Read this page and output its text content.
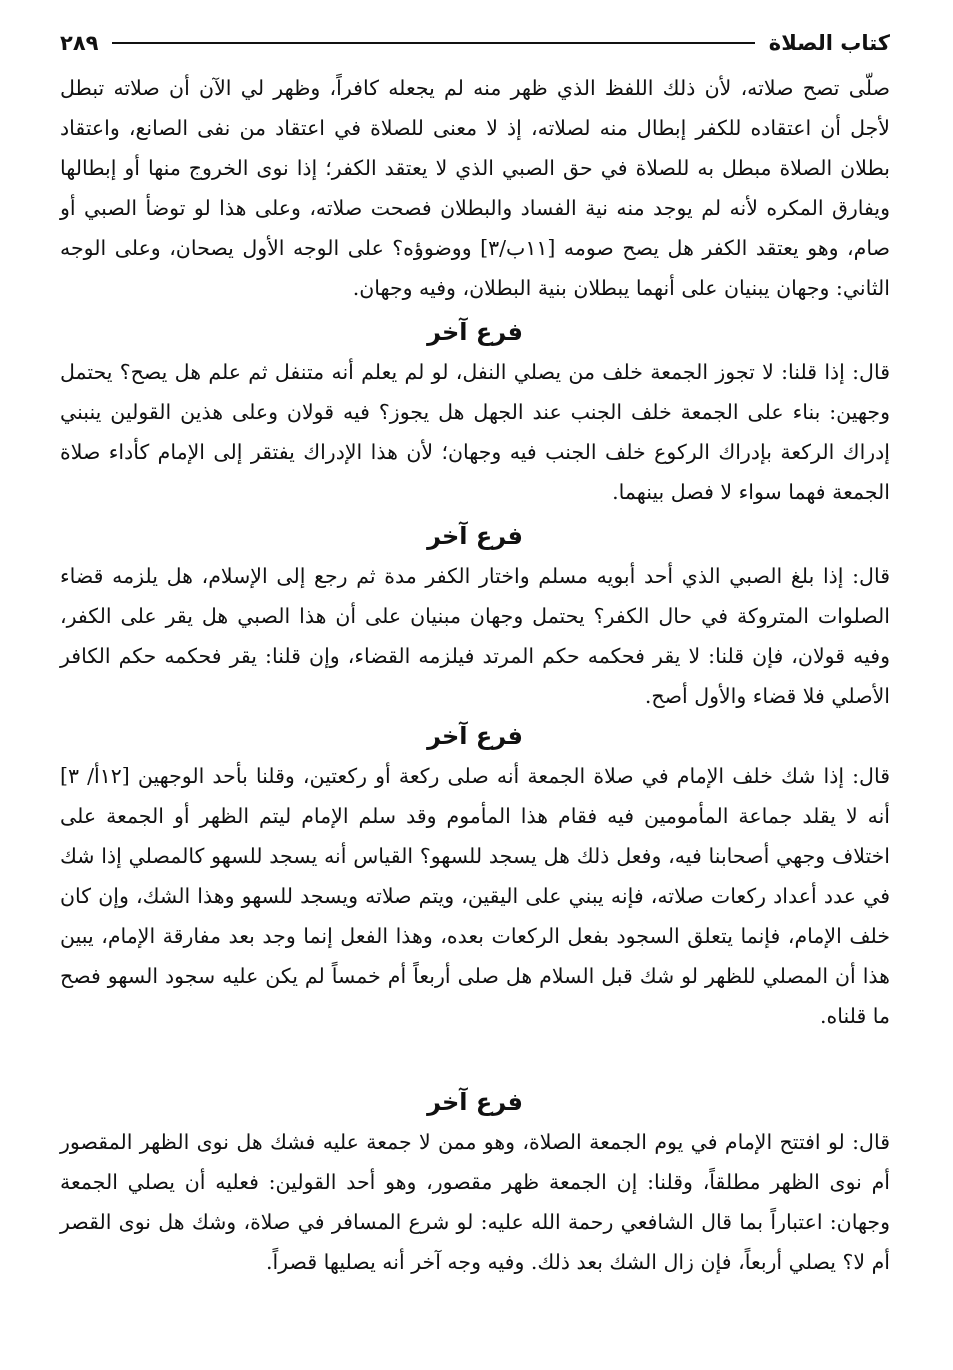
كتاب الصلاة
٢٨٩

صلّى تصح صلاته، لأن ذلك اللفظ الذي ظهر منه لم يجعله كافراً، وظهر لي الآن أن صلاته تبطل لأجل أن اعتقاده للكفر إبطال منه لصلاته، إذ لا معنى للصلاة في اعتقاد من نفى الصانع، واعتقاد بطلان الصلاة مبطل به للصلاة في حق الصبي الذي لا يعتقد الكفر؛ إذا نوى الخروج منها أو إبطالها ويفارق المكره لأنه لم يوجد منه نية الفساد والبطلان فصحت صلاته، وعلى هذا لو توضأ الصبي أو صام، وهو يعتقد الكفر هل يصح صومه [١١ب/٣] ووضوؤه؟ على الوجه الأول يصحان، وعلى الوجه الثاني: وجهان يبنيان على أنهما يبطلان بنية البطلان، وفيه وجهان.

فرع آخر

قال: إذا قلنا: لا تجوز الجمعة خلف من يصلي النفل، لو لم يعلم أنه متنفل ثم علم هل يصح؟ يحتمل وجهين: بناء على الجمعة خلف الجنب عند الجهل هل يجوز؟ فيه قولان وعلى هذين القولين ينبني إدراك الركعة بإدراك الركوع خلف الجنب فيه وجهان؛ لأن هذا الإدراك يفتقر إلى الإمام كأداء صلاة الجمعة فهما سواء لا فصل بينهما.

فرع آخر

قال: إذا بلغ الصبي الذي أحد أبويه مسلم واختار الكفر مدة ثم رجع إلى الإسلام، هل يلزمه قضاء الصلوات المتروكة في حال الكفر؟ يحتمل وجهان مبنيان على أن هذا الصبي هل يقر على الكفر، وفيه قولان، فإن قلنا: لا يقر فحكمه حكم المرتد فيلزمه القضاء، وإن قلنا: يقر فحكمه حكم الكافر الأصلي فلا قضاء والأول أصح.

فرع آخر

قال: إذا شك خلف الإمام في صلاة الجمعة أنه صلى ركعة أو ركعتين، وقلنا بأحد الوجهين [١٢أ/ ٣] أنه لا يقلد جماعة المأمومين فيه فقام هذا المأموم وقد سلم الإمام ليتم الظهر أو الجمعة على اختلاف وجهي أصحابنا فيه، وفعل ذلك هل يسجد للسهو؟ القياس أنه يسجد للسهو كالمصلي إذا شك في عدد أعداد ركعات صلاته، فإنه يبني على اليقين، ويتم صلاته ويسجد للسهو وهذا الشك، وإن كان خلف الإمام، فإنما يتعلق السجود بفعل الركعات بعده، وهذا الفعل إنما وجد بعد مفارقة الإمام، يبين هذا أن المصلي للظهر لو شك قبل السلام هل صلى أربعاً أم خمساً لم يكن عليه سجود السهو فصح ما قلناه.

فرع آخر

قال: لو افتتح الإمام في يوم الجمعة الصلاة، وهو ممن لا جمعة عليه فشك هل نوى الظهر المقصور أم نوى الظهر مطلقاً، وقلنا: إن الجمعة ظهر مقصور، وهو أحد القولين: فعليه أن يصلي الجمعة وجهان: اعتباراً بما قال الشافعي رحمة الله عليه: لو شرع المسافر في صلاة، وشك هل نوى القصر أم لا؟ يصلي أربعاً، فإن زال الشك بعد ذلك. وفيه وجه آخر أنه يصليها قصراً.
